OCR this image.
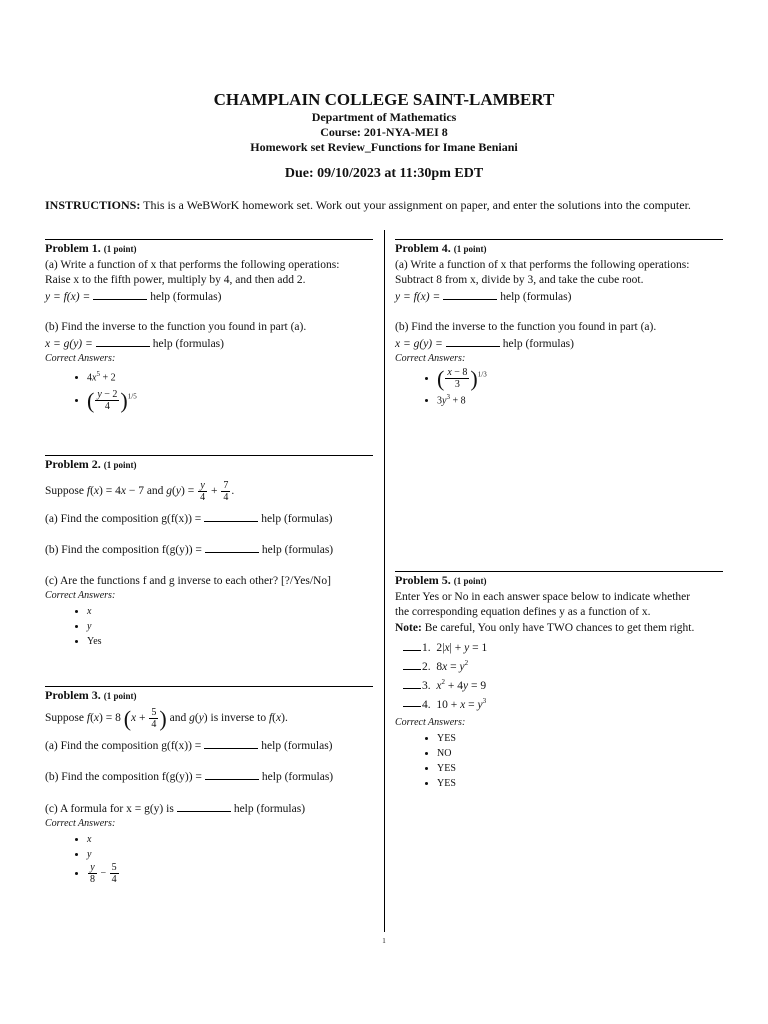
CHAMPLAIN COLLEGE SAINT-LAMBERT
Department of Mathematics
Course: 201-NYA-MEI 8
Homework set Review_Functions for Imane Beniani
Due: 09/10/2023 at 11:30pm EDT
INSTRUCTIONS: This is a WeBWorK homework set. Work out your assignment on paper, and enter the solutions into the computer.
Problem 1. (1 point)
(a) Write a function of x that performs the following operations:
Raise x to the fifth power, multiply by 4, and then add 2.
y = f(x) =	help (formulas)
(b) Find the inverse to the function you found in part (a).
x = g(y) =	help (formulas)
Correct Answers:
• $4x^5 + 2$
• ( $\frac{y - 2}{4} )^{1/5}$
Problem 2. (1 point)
Suppose f(x) = 4x − 7 and $g(y) = \frac{y}{4} + \frac{7}{4}$ .
(a) Find the composition g(f(x)) =	help (formulas)
(b) Find the composition f(g(y)) =	help (formulas)
(c) Are the functions f and g inverse to each other? [?/Yes/No]
Correct Answers:
• x
• y
• Yes
Problem 3. (1 point)
Suppose f(x) = 8 ($x + \frac{5}{4}$ ) and g(y) is inverse to f(x).
(a) Find the composition g(f(x)) =	help (formulas)
(b) Find the composition f(g(y)) =	help (formulas)
(c) A formula for x = g(y) is	help (formulas)
Correct Answers:
• x
• y
• $\frac{y}{8} - \frac{5}{4}$
Problem 4. (1 point)
(a) Write a function of x that performs the following operations:
Subtract 8 from x, divide by 3, and take the cube root.
y = f(x) =	help (formulas)
(b) Find the inverse to the function you found in part (a).
x = g(y) =	help (formulas)
Correct Answers:
• ( $\frac{x - 8}{3} )^{1/3}$
• $3y^3 + 8$
Problem 5. (1 point)
Enter Yes or No in each answer space below to indicate whether
the corresponding equation defines y as a function of x.
Note: Be careful, You only have TWO chances to get them right.
1.  2|x| + y = 1
2.  $8x = y^2$
3.  $x^2 + 4y = 9$
4.  $10 + x = y^3$
Correct Answers:
• YES
• NO
• YES
• YES
1
